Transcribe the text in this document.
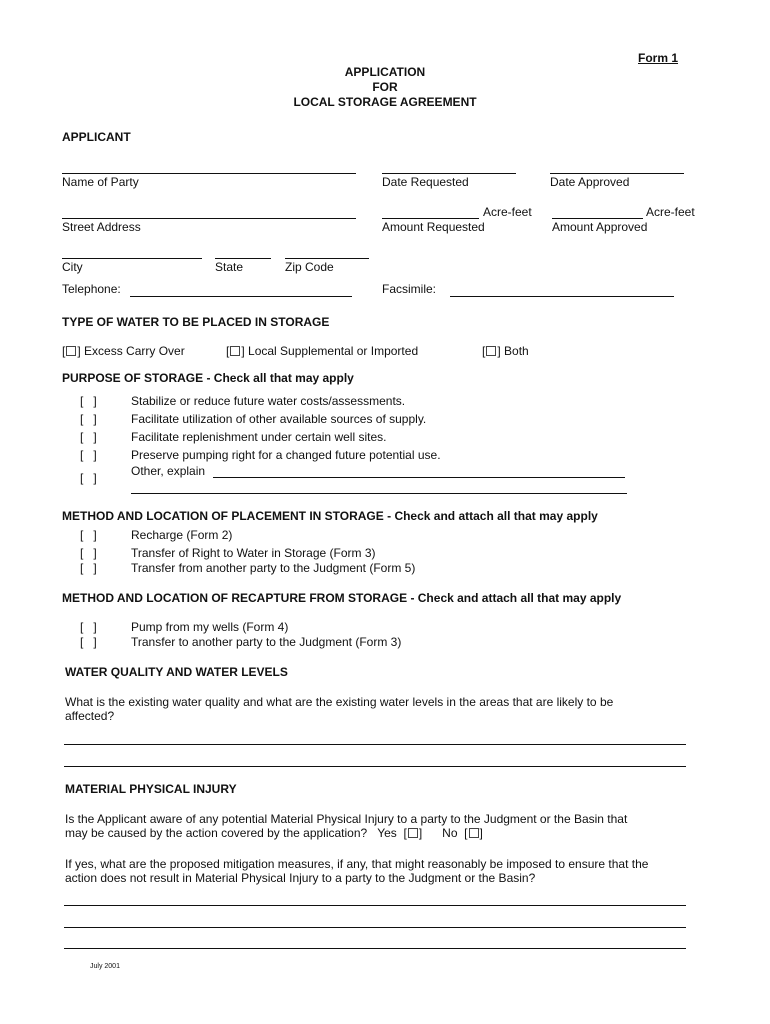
Form 1
APPLICATION
FOR
LOCAL STORAGE AGREEMENT
APPLICANT
Name of Party	Date Requested	Date Approved
Acre-feet	Acre-feet
Street Address	Amount Requested	Amount Approved
City	State	Zip Code
Telephone:	Facsimile:
TYPE OF WATER TO BE PLACED IN STORAGE
[ ] Excess Carry Over	[ ] Local Supplemental or Imported	[ ] Both
PURPOSE OF STORAGE - Check all that may apply
[   ]	Stabilize or reduce future water costs/assessments.
[   ]	Facilitate utilization of other available sources of supply.
[   ]	Facilitate replenishment under certain well sites.
[   ]	Preserve pumping right for a changed future potential use.
[   ]	Other, explain
METHOD AND LOCATION OF PLACEMENT IN STORAGE - Check and attach all that may apply
[   ]	Recharge (Form 2)
[   ]	Transfer of Right to Water in Storage (Form 3)
[   ]	Transfer from another party to the Judgment (Form 5)
METHOD AND LOCATION OF RECAPTURE FROM STORAGE - Check and attach all that may apply
[   ]	Pump from my wells (Form 4)
[   ]	Transfer to another party to the Judgment (Form 3)
WATER QUALITY AND WATER LEVELS
What is the existing water quality and what are the existing water levels in the areas that are likely to be
affected?
MATERIAL PHYSICAL INJURY
Is the Applicant aware of any potential Material Physical Injury to a party to the Judgment or the Basin that
may be caused by the action covered by the application? Yes  [ ]      No  [ ]
If yes, what are the proposed mitigation measures, if any, that might reasonably be imposed to ensure that the
action does not result in Material Physical Injury to a party to the Judgment or the Basin?
July 2001
